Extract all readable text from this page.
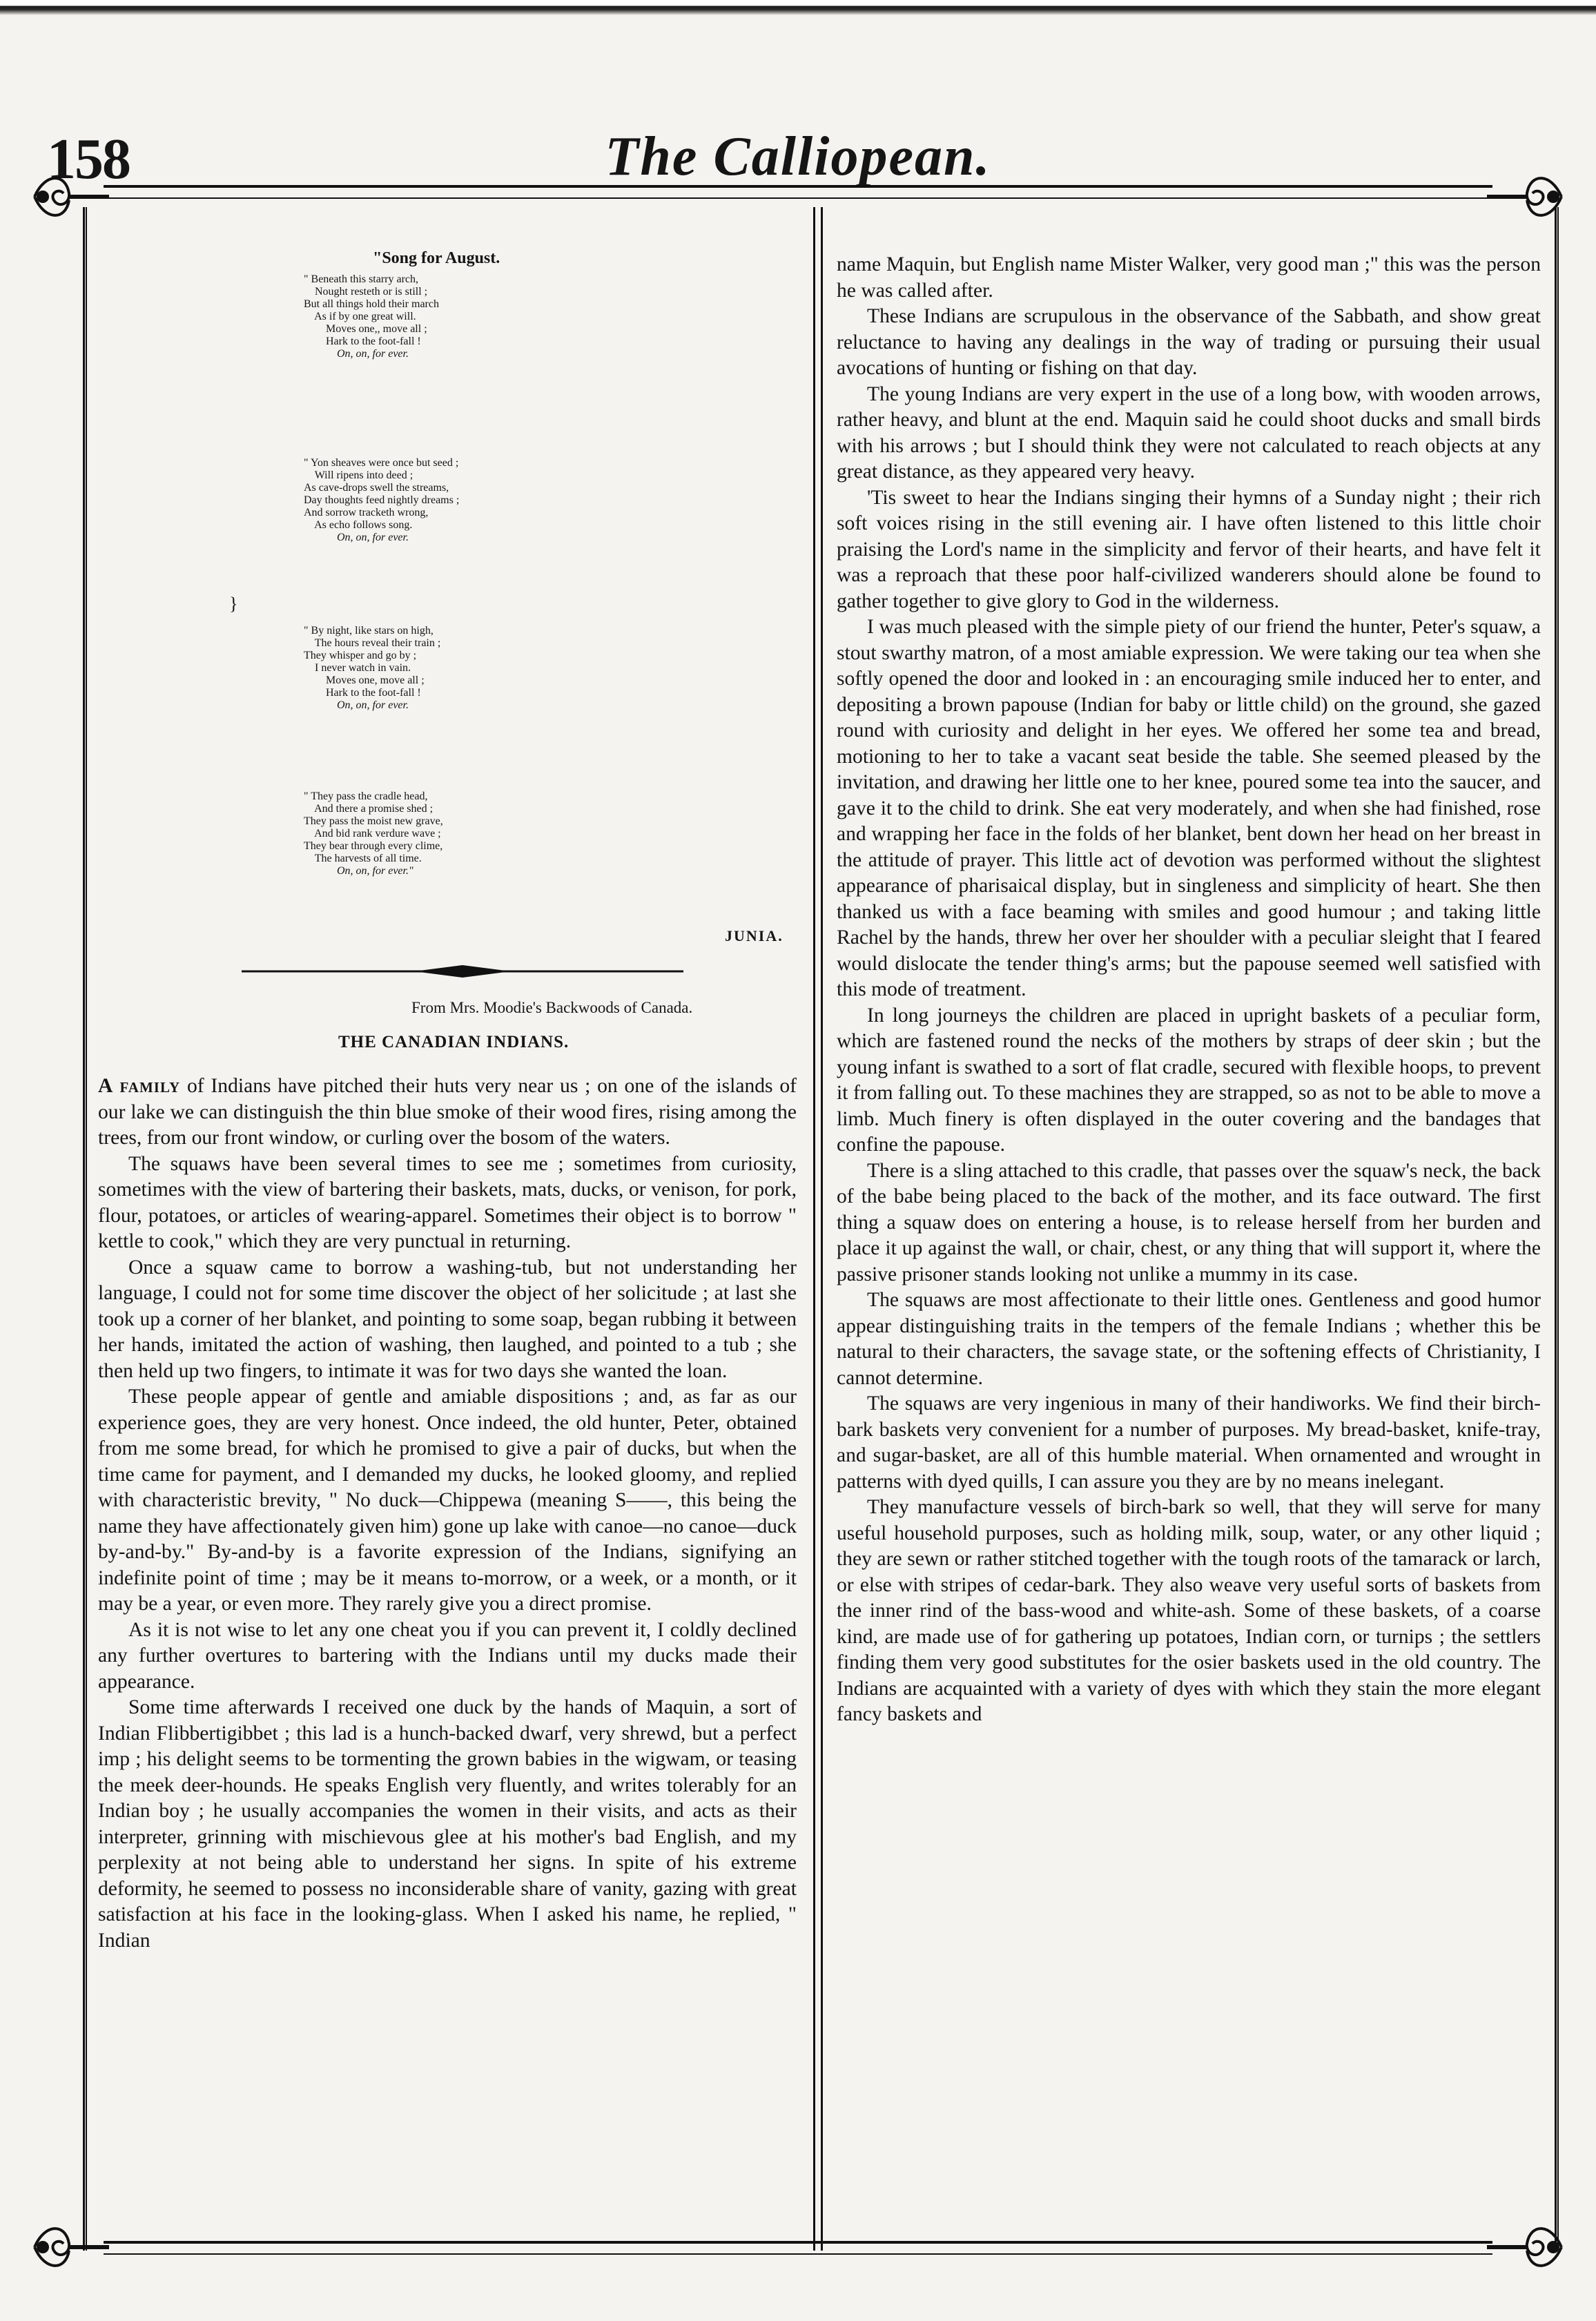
158	The Calliopean.
"Song for August.
" Beneath this starry arch,
Nought resteth or is still ;
But all things hold their march
As if by one great will.
Moves one,, move all ;
Hark to the foot-fall !
On, on, for ever.
" Yon sheaves were once but seed ;
Will ripens into deed ;
As cave-drops swell the streams,
Day thoughts feed nightly dreams ;
And sorrow tracketh wrong,
As echo follows song.
On, on, for ever.
}
" By night, like stars on high,
The hours reveal their train ;
They whisper and go by ;
I never watch in vain.
Moves one, move all ;
Hark to the foot-fall !
On, on, for ever.
" They pass the cradle head,
And there a promise shed ;
They pass the moist new grave,
And bid rank verdure wave ;
They bear through every clime,
The harvests of all time.
On, on, for ever."
JUNIA.
From Mrs. Moodie's Backwoods of Canada.
THE CANADIAN INDIANS.

A family of Indians have pitched their huts very near us ; on one of the islands of our lake we can distinguish the thin blue smoke of their wood fires, rising among the trees, from our front window, or curling over the bosom of the waters.

The squaws have been several times to see me ; sometimes from curiosity, sometimes with the view of bartering their baskets, mats, ducks, or venison, for pork, flour, potatoes, or articles of wearing-apparel. Sometimes their object is to borrow " kettle to cook," which they are very punctual in returning.

Once a squaw came to borrow a washing-tub, but not understanding her language, I could not for some time discover the object of her solicitude ; at last she took up a corner of her blanket, and pointing to some soap, began rubbing it between her hands, imitated the action of washing, then laughed, and pointed to a tub ; she then held up two fingers, to intimate it was for two days she wanted the loan.

These people appear of gentle and amiable dispositions ; and, as far as our experience goes, they are very honest. Once indeed, the old hunter, Peter, obtained from me some bread, for which he promised to give a pair of ducks, but when the time came for payment, and I demanded my ducks, he looked gloomy, and replied with characteristic brevity, " No duck—Chippewa (meaning S——, this being the name they have affectionately given him) gone up lake with canoe—no canoe—duck by-and-by." By-and-by is a favorite expression of the Indians, signifying an indefinite point of time ; may be it means to-morrow, or a week, or a month, or it may be a year, or even more. They rarely give you a direct promise.

As it is not wise to let any one cheat you if you can prevent it, I coldly declined any further overtures to bartering with the Indians until my ducks made their appearance.

Some time afterwards I received one duck by the hands of Maquin, a sort of Indian Flibbertigibbet ; this lad is a hunch-backed dwarf, very shrewd, but a perfect imp ; his delight seems to be tormenting the grown babies in the wigwam, or teasing the meek deer-hounds. He speaks English very fluently, and writes tolerably for an Indian boy ; he usually accompanies the women in their visits, and acts as their interpreter, grinning with mischievous glee at his mother's bad English, and my perplexity at not being able to understand her signs. In spite of his extreme deformity, he seemed to possess no inconsiderable share of vanity, gazing with great satisfaction at his face in the looking-glass. When I asked his name, he replied, " Indian

name Maquin, but English name Mister Walker, very good man ;" this was the person he was called after.

These Indians are scrupulous in the observance of the Sabbath, and show great reluctance to having any dealings in the way of trading or pursuing their usual avocations of hunting or fishing on that day.

The young Indians are very expert in the use of a long bow, with wooden arrows, rather heavy, and blunt at the end. Maquin said he could shoot ducks and small birds with his arrows ; but I should think they were not calculated to reach objects at any great distance, as they appeared very heavy.

'Tis sweet to hear the Indians singing their hymns of a Sunday night ; their rich soft voices rising in the still evening air. I have often listened to this little choir praising the Lord's name in the simplicity and fervor of their hearts, and have felt it was a reproach that these poor half-civilized wanderers should alone be found to gather together to give glory to God in the wilderness.

I was much pleased with the simple piety of our friend the hunter, Peter's squaw, a stout swarthy matron, of a most amiable expression. We were taking our tea when she softly opened the door and looked in : an encouraging smile induced her to enter, and depositing a brown papouse (Indian for baby or little child) on the ground, she gazed round with curiosity and delight in her eyes. We offered her some tea and bread, motioning to her to take a vacant seat beside the table. She seemed pleased by the invitation, and drawing her little one to her knee, poured some tea into the saucer, and gave it to the child to drink. She eat very moderately, and when she had finished, rose and wrapping her face in the folds of her blanket, bent down her head on her breast in the attitude of prayer. This little act of devotion was performed without the slightest appearance of pharisaical display, but in singleness and simplicity of heart. She then thanked us with a face beaming with smiles and good humour ; and taking little Rachel by the hands, threw her over her shoulder with a peculiar sleight that I feared would dislocate the tender thing's arms; but the papouse seemed well satisfied with this mode of treatment.

In long journeys the children are placed in upright baskets of a peculiar form, which are fastened round the necks of the mothers by straps of deer skin ; but the young infant is swathed to a sort of flat cradle, secured with flexible hoops, to prevent it from falling out. To these machines they are strapped, so as not to be able to move a limb. Much finery is often displayed in the outer covering and the bandages that confine the papouse.

There is a sling attached to this cradle, that passes over the squaw's neck, the back of the babe being placed to the back of the mother, and its face outward. The first thing a squaw does on entering a house, is to release herself from her burden and place it up against the wall, or chair, chest, or any thing that will support it, where the passive prisoner stands looking not unlike a mummy in its case.

The squaws are most affectionate to their little ones. Gentleness and good humor appear distinguishing traits in the tempers of the female Indians ; whether this be natural to their characters, the savage state, or the softening effects of Christianity, I cannot determine.

The squaws are very ingenious in many of their handiworks. We find their birch-bark baskets very convenient for a number of purposes. My bread-basket, knife-tray, and sugar-basket, are all of this humble material. When ornamented and wrought in patterns with dyed quills, I can assure you they are by no means inelegant.

They manufacture vessels of birch-bark so well, that they will serve for many useful household purposes, such as holding milk, soup, water, or any other liquid ; they are sewn or rather stitched together with the tough roots of the tamarack or larch, or else with stripes of cedar-bark. They also weave very useful sorts of baskets from the inner rind of the bass-wood and white-ash. Some of these baskets, of a coarse kind, are made use of for gathering up potatoes, Indian corn, or turnips ; the settlers finding them very good substitutes for the osier baskets used in the old country. The Indians are acquainted with a variety of dyes with which they stain the more elegant fancy baskets and
